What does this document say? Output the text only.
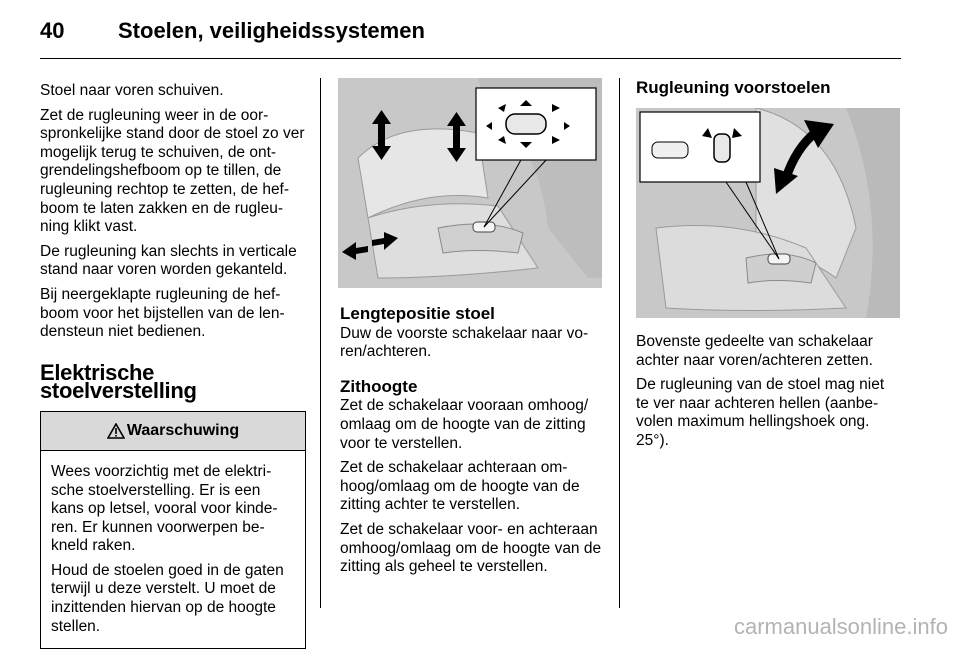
40 Stoelen, veiligheidssystemen

Stoel naar voren schuiven.

Zet de rugleuning weer in de oor-spronkelijke stand door de stoel zo ver mogelijk terug te schuiven, de ont-grendelingshefboom op te tillen, de rugleuning rechtop te zetten, de hef-boom te laten zakken en de rugleu-ning klikt vast.

De rugleuning kan slechts in verticale stand naar voren worden gekanteld.

Bij neergeklapte rugleuning de hef-boom voor het bijstellen van de len-densteun niet bedienen.

Elektrische stoelverstelling
Waarschuwing

Wees voorzichtig met de elektri-sche stoelverstelling. Er is een kans op letsel, vooral voor kinde-ren. Er kunnen voorwerpen be-kneld raken.

Houd de stoelen goed in de gaten terwijl u deze verstelt. U moet de inzittenden hiervan op de hoogte stellen.

Lengtepositie stoel

Duw de voorste schakelaar naar vo-ren/achteren.

Zithoogte

Zet de schakelaar vooraan omhoog/ omlaag om de hoogte van de zitting voor te verstellen.

Zet de schakelaar achteraan om-hoog/omlaag om de hoogte van de zitting achter te verstellen.

Zet de schakelaar voor- en achteraan omhoog/omlaag om de hoogte van de zitting als geheel te verstellen.

Rugleuning voorstoelen

Bovenste gedeelte van schakelaar achter naar voren/achteren zetten.

De rugleuning van de stoel mag niet te ver naar achteren hellen (aanbe-volen maximum hellingshoek ong. 25°).

carmanualsonline.info
